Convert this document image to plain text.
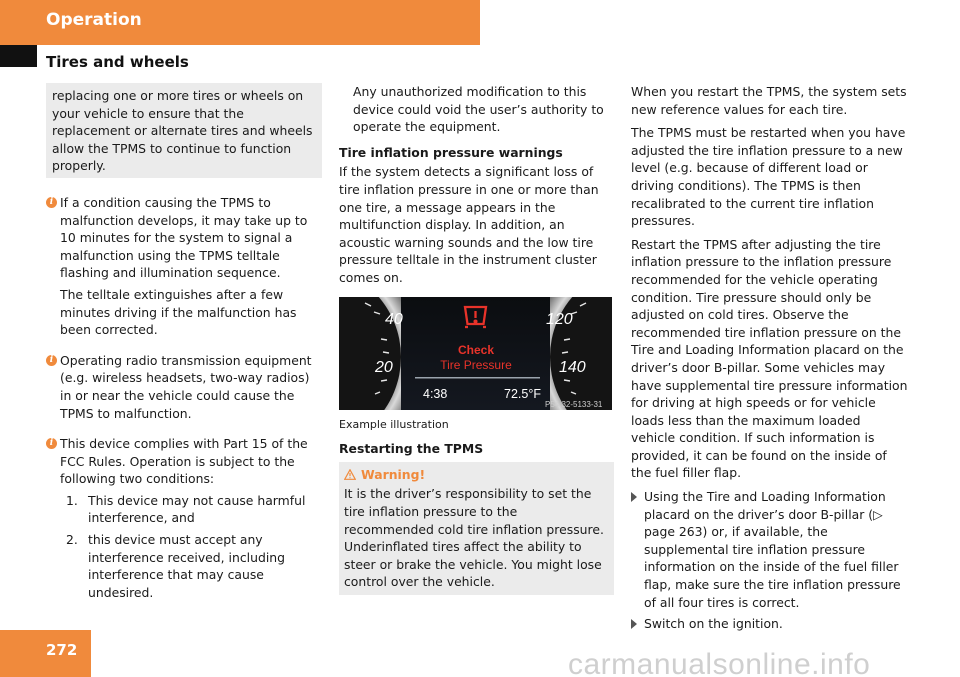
Operation
Tires and wheels
replacing one or more tires or wheels on your vehicle to ensure that the replacement or alternate tires and wheels allow the TPMS to continue to function properly.
i If a condition causing the TPMS to malfunction develops, it may take up to 10 minutes for the system to signal a malfunction using the TPMS telltale flashing and illumination sequence.
The telltale extinguishes after a few minutes driving if the malfunction has been corrected.
i Operating radio transmission equipment (e.g. wireless headsets, two-way radios) in or near the vehicle could cause the TPMS to malfunction.
i This device complies with Part 15 of the FCC Rules. Operation is subject to the following two conditions:
1. This device may not cause harmful interference, and
2. this device must accept any interference received, including interference that may cause undesired.
Any unauthorized modification to this device could void the user’s authority to operate the equipment.
Tire inflation pressure warnings
If the system detects a significant loss of tire inflation pressure in one or more than one tire, a message appears in the multifunction display. In addition, an acoustic warning sounds and the low tire pressure telltale in the instrument cluster comes on.
Check
Tire Pressure
4:38	72.5°F
40
20
120
140
P54.32-5133-31
Example illustration
Restarting the TPMS
Warning!
It is the driver’s responsibility to set the tire inflation pressure to the recommended cold tire inflation pressure. Underinflated tires affect the ability to steer or brake the vehicle. You might lose control over the vehicle.
When you restart the TPMS, the system sets new reference values for each tire.
The TPMS must be restarted when you have adjusted the tire inflation pressure to a new level (e.g. because of different load or driving conditions). The TPMS is then recalibrated to the current tire inflation pressures.
Restart the TPMS after adjusting the tire inflation pressure to the inflation pressure recommended for the vehicle operating condition. Tire pressure should only be adjusted on cold tires. Observe the recommended tire inflation pressure on the Tire and Loading Information placard on the driver’s door B-pillar. Some vehicles may have supplemental tire pressure information for driving at high speeds or for vehicle loads less than the maximum loaded vehicle condition. If such information is provided, it can be found on the inside of the fuel filler flap.
Using the Tire and Loading Information placard on the driver’s door B-pillar (▷ page 263) or, if available, the supplemental tire inflation pressure information on the inside of the fuel filler flap, make sure the tire inflation pressure of all four tires is correct.
Switch on the ignition.
272	carmanualsonline.info
